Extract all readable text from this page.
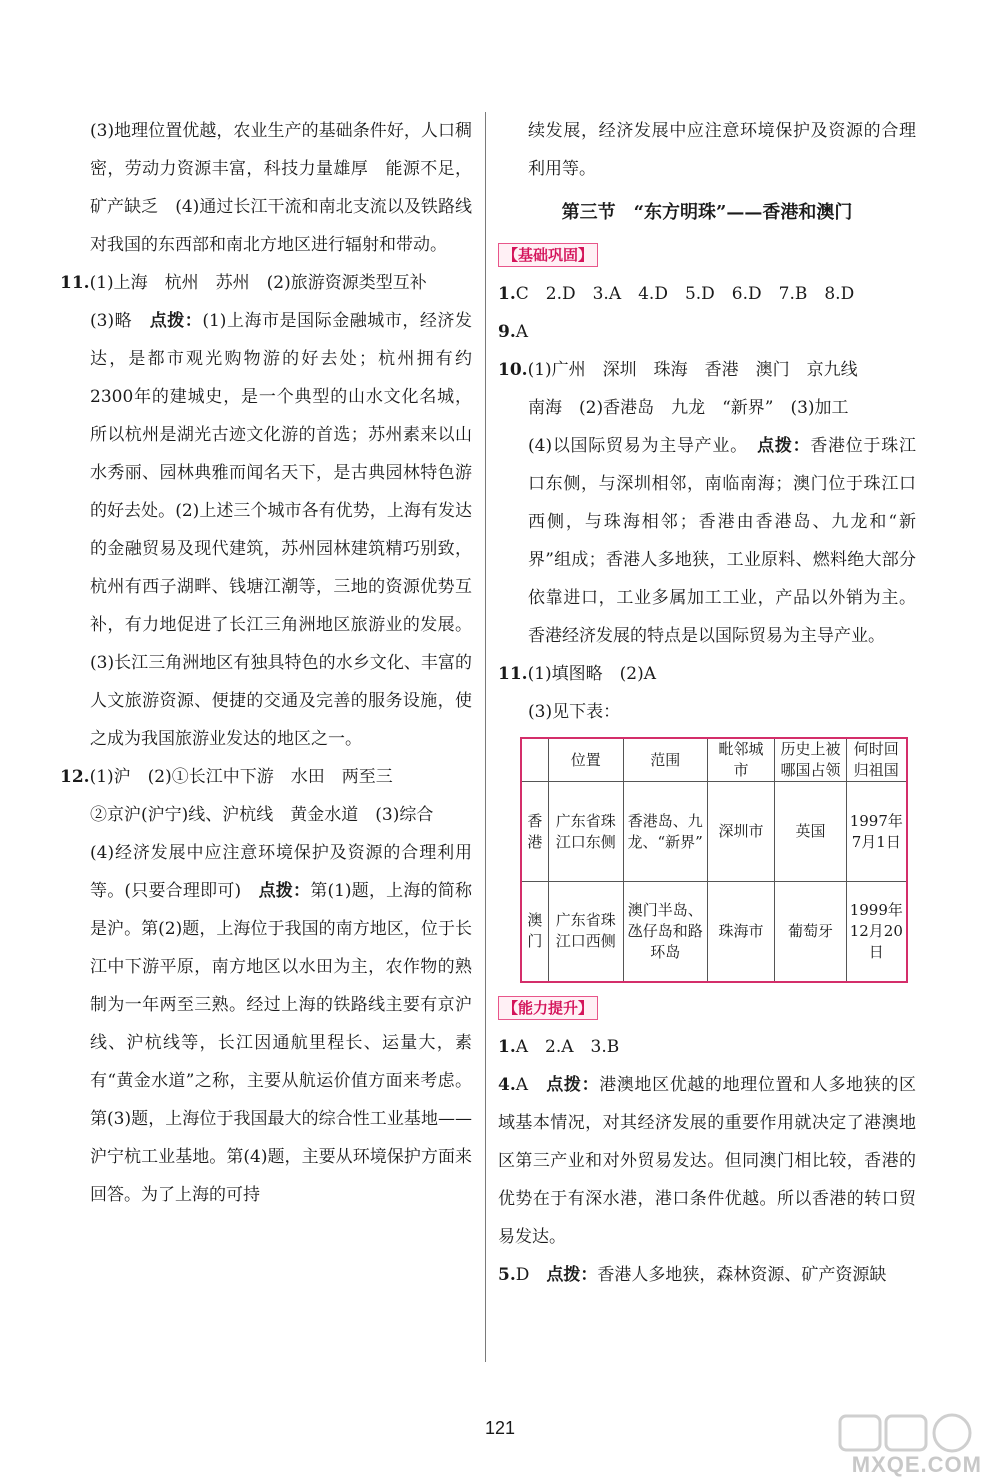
(3)地理位置优越，农业生产的基础条件好，人口稠密，劳动力资源丰富，科技力量雄厚　能源不足，矿产缺乏　(4)通过长江干流和南北支流以及铁路线对我国的东西部和南北方地区进行辐射和带动。

11.(1)上海　杭州　苏州　(2)旅游资源类型互补

(3)略　点拨：(1)上海市是国际金融城市，经济发达，是都市观光购物游的好去处；杭州拥有约2300年的建城史，是一个典型的山水文化名城，所以杭州是湖光古迹文化游的首选；苏州素来以山水秀丽、园林典雅而闻名天下，是古典园林特色游的好去处。(2)上述三个城市各有优势，上海有发达的金融贸易及现代建筑，苏州园林建筑精巧别致，杭州有西子湖畔、钱塘江潮等，三地的资源优势互补，有力地促进了长江三角洲地区旅游业的发展。(3)长江三角洲地区有独具特色的水乡文化、丰富的人文旅游资源、便捷的交通及完善的服务设施，使之成为我国旅游业发达的地区之一。

12.(1)沪　(2)①长江中下游　水田　两至三

②京沪(沪宁)线、沪杭线　黄金水道　(3)综合

(4)经济发展中应注意环境保护及资源的合理利用等。(只要合理即可)　点拨：第(1)题，上海的简称是沪。第(2)题，上海位于我国的南方地区，位于长江中下游平原，南方地区以水田为主，农作物的熟制为一年两至三熟。经过上海的铁路线主要有京沪线、沪杭线等，长江因通航里程长、运量大，素有“黄金水道”之称，主要从航运价值方面来考虑。第(3)题，上海位于我国最大的综合性工业基地——沪宁杭工业基地。第(4)题，主要从环境保护方面来回答。为了上海的可持

续发展，经济发展中应注意环境保护及资源的合理利用等。

第三节　“东方明珠”——香港和澳门
【基础巩固】

1.C　2.D　3.A　4.D　5.D　6.D　7.B　8.D

9.A

10.(1)广州　深圳　珠海　香港　澳门　京九线

南海　(2)香港岛　九龙　“新界”　(3)加工

(4)以国际贸易为主导产业。　点拨：香港位于珠江口东侧，与深圳相邻，南临南海；澳门位于珠江口西侧，与珠海相邻；香港由香港岛、九龙和“新界”组成；香港人多地狭，工业原料、燃料绝大部分依靠进口，工业多属加工工业，产品以外销为主。香港经济发展的特点是以国际贸易为主导产业。

11.(1)填图略　(2)A

(3)见下表：

	位置	范围	毗邻城市	历史上被哪国占领	何时回归祖国
香港	广东省珠江口东侧	香港岛、九龙、“新界”	深圳市	英国	1997年7月1日
澳门	广东省珠江口西侧	澳门半岛、氹仔岛和路环岛	珠海市	葡萄牙	1999年12月20日
【能力提升】

1.A　2.A　3.B

4.A　点拨：港澳地区优越的地理位置和人多地狭的区域基本情况，对其经济发展的重要作用就决定了港澳地区第三产业和对外贸易发达。但同澳门相比较，香港的优势在于有深水港，港口条件优越。所以香港的转口贸易发达。

5.D　点拨：香港人多地狭，森林资源、矿产资源缺

121
MXQE.COM
